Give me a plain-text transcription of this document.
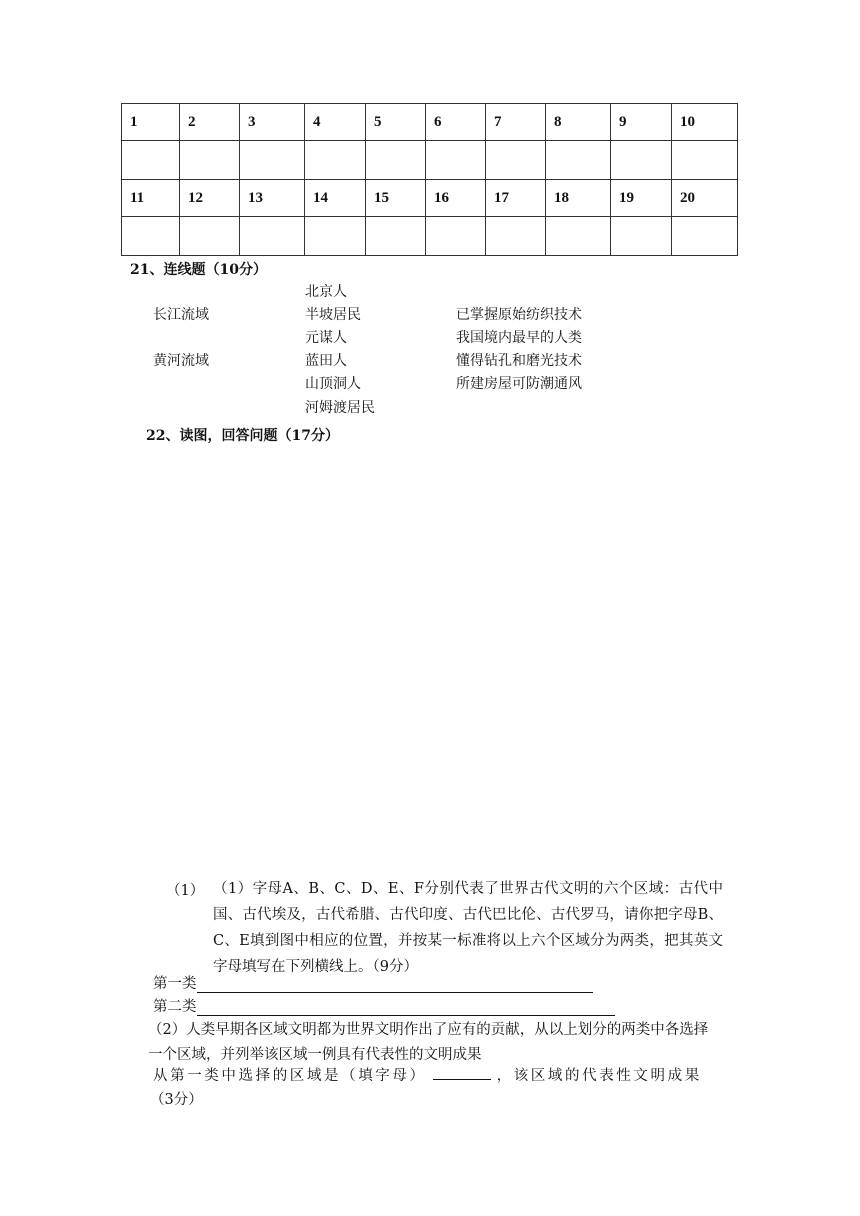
1	2	3	4	5	6	7	8	9	10

11	12	13	14	15	16	17	18	19	20

21、连线题（10分）
长江流域
黄河流域
北京人
半坡居民
元谋人
蓝田人
山顶洞人
河姆渡居民
已掌握原始纺织技术
我国境内最早的人类
懂得钻孔和磨光技术
所建房屋可防潮通风
22、读图，回答问题（17分）
（1） （1）字母A、B、C、D、E、F分别代表了世界古代文明的六个区域：古代中国、古代埃及，古代希腊、古代印度、古代巴比伦、古代罗马，请你把字母B、C、E填到图中相应的位置，并按某一标准将以上六个区域分为两类，把其英文字母填写在下列横线上。（9分）
第一类
第二类
（2）人类早期各区域文明都为世界文明作出了应有的贡献，从以上划分的两类中各选择一个区域，并列举该区域一例具有代表性的文明成果
从第一类中选择的区域是（填字母）	，该区域的代表性文明成果
（3分）
